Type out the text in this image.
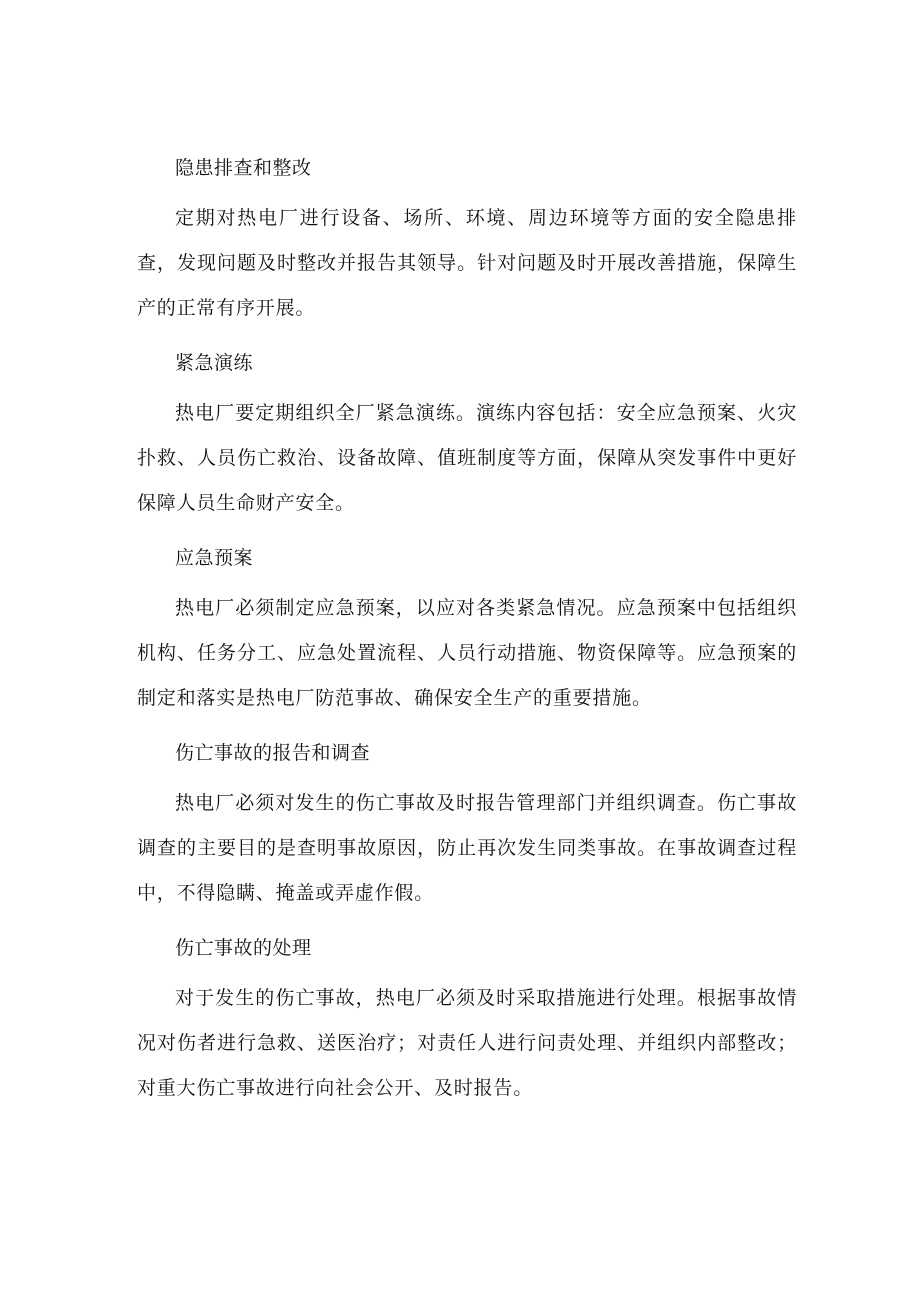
隐患排查和整改

定期对热电厂进行设备、场所、环境、周边环境等方面的安全隐患排查，发现问题及时整改并报告其领导。针对问题及时开展改善措施，保障生产的正常有序开展。

紧急演练

热电厂要定期组织全厂紧急演练。演练内容包括：安全应急预案、火灾扑救、人员伤亡救治、设备故障、值班制度等方面，保障从突发事件中更好保障人员生命财产安全。

应急预案

热电厂必须制定应急预案，以应对各类紧急情况。应急预案中包括组织机构、任务分工、应急处置流程、人员行动措施、物资保障等。应急预案的制定和落实是热电厂防范事故、确保安全生产的重要措施。

伤亡事故的报告和调查

热电厂必须对发生的伤亡事故及时报告管理部门并组织调查。伤亡事故调查的主要目的是查明事故原因，防止再次发生同类事故。在事故调查过程中，不得隐瞒、掩盖或弄虚作假。

伤亡事故的处理

对于发生的伤亡事故，热电厂必须及时采取措施进行处理。根据事故情况对伤者进行急救、送医治疗；对责任人进行问责处理、并组织内部整改；对重大伤亡事故进行向社会公开、及时报告。
